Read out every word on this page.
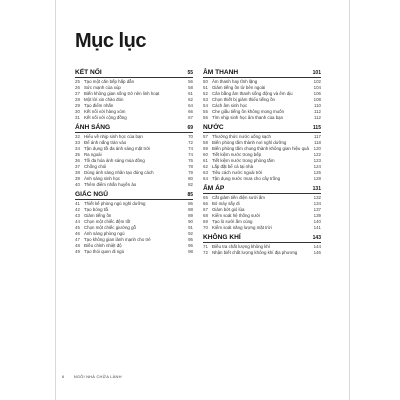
Mục lục
KẾT NỐI	55
25 Tạo một căn bếp hấp dẫn	56
26 Sức mạnh của xúp	58
27 Biến không gian sống trở nên linh hoạt	61
28 Một lời xin chào đón	62
29 Tạo điểm nhấn	64
30 Kết nối với hàng xóm	66
31 Kết nối với cộng đồng	67
ÁNH SÁNG	69
32 Hiểu về nhịp sinh học của bạn	70
33 Để ánh nắng tràn vào	72
34 Tận dụng tối đa ánh sáng mặt trời	74
35 Ra ngoài	74
36 Tối đa hóa ánh sáng mùa đông	76
37 Chống chói	78
38 Dùng ánh sáng nhân tạo đúng cách	79
39 Ánh sáng sinh học	80
40 Thêm điểm nhấn huyền ảo	82
GIẤC NGỦ	85
41 Thiết kế phòng ngủ nghỉ dưỡng	86
42 Tạo bóng tối	88
43 Giảm tiếng ồn	89
44 Chọn một chiếc đệm tốt	90
45 Chọn một chiếc giường gỗ	91
46 Ánh sáng phòng ngủ	92
47 Tạo không gian lành mạnh cho trẻ	95
48 Điều chỉnh nhiệt độ	96
49 Tạo thói quen đi ngủ	98
ÂM THANH	101
50 Âm thanh hay tĩnh lặng	102
51 Giảm tiếng ồn từ bên ngoài	104
52 Cân bằng âm thanh sống động và êm dịu	106
53 Chọn thiết bị giảm thiểu tiếng ồn	108
54 Cách âm sinh học	110
55 Che giấu tiếng ồn không mong muốn	112
56 Tìm nhịp sinh học âm thanh của bạn	112
NƯỚC	115
57 Thưởng thức nước uống sạch	117
58 Biến phòng tắm thành nơi nghỉ dưỡng	118
59 Biến phòng tắm chung thành không gian hiệu quả	120
60 Tiết kiệm nước trong bếp	122
61 Tiết kiệm nước trong phòng tắm	123
62 Lắp đặt bể cá tại nhà	124
63 Tiêu cách nước ngoài trời	126
64 Tận dụng nước mưa cho cây trồng	128
ẨM ÁP	131
65 Cắt giảm tiền điện sưởi ấm	132
66 Bỏ máy sấy đi	134
67 Giảm bớt gió lùa	137
68 Kiểm soát hệ thống sưởi	139
69 Tạo lò sưởi ấm cúng	140
70 Kiểm soát năng lượng mặt trời	141
KHÔNG KHÍ	143
71 Điều tra chất lượng không khí	144
72 Nhận biết chất lượng không khí địa phương	146
6 NGÔI NHÀ CHỮA LÀNH
